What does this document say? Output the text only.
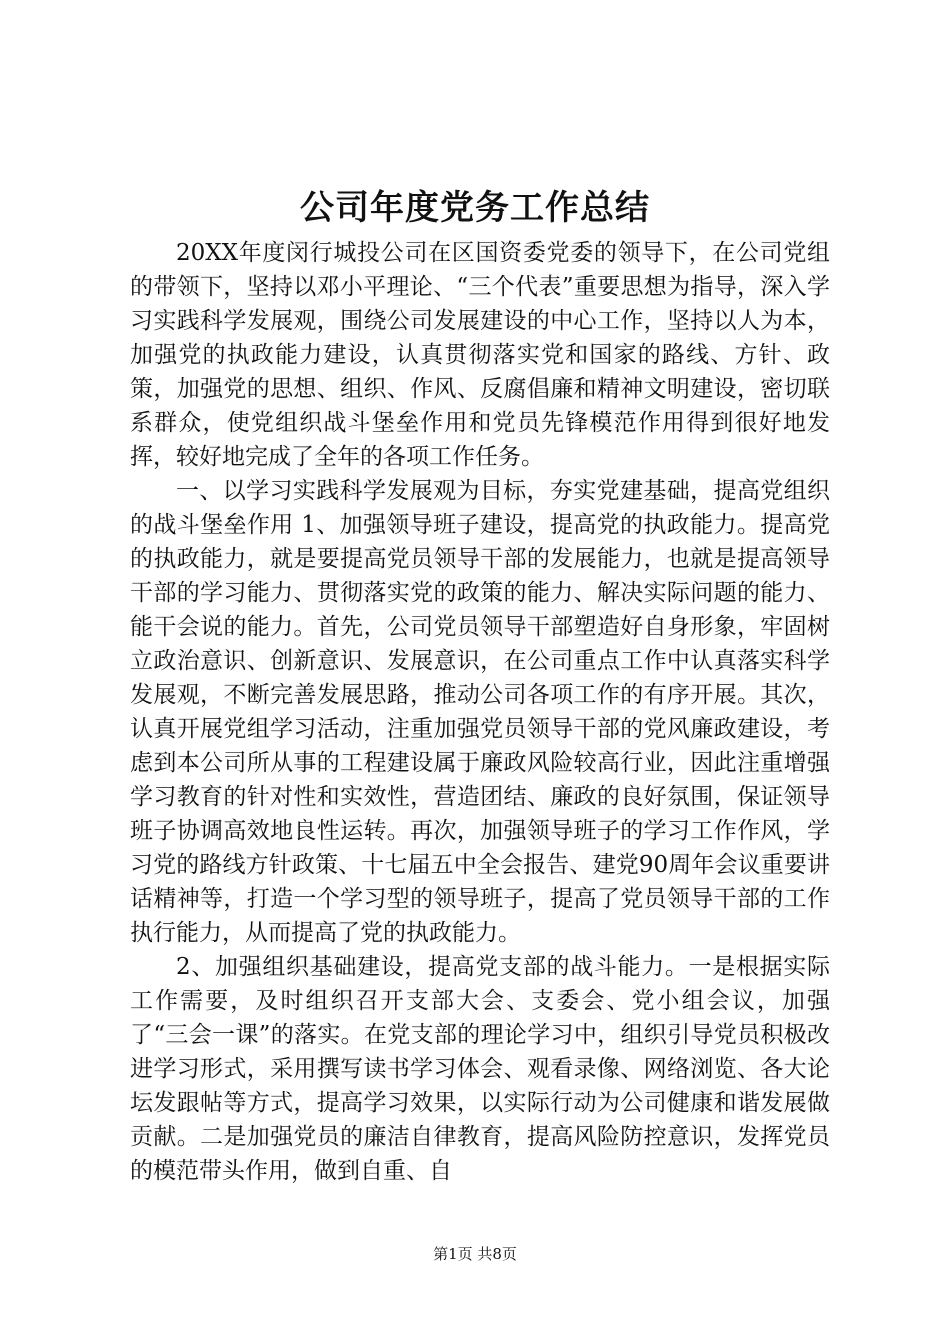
公司年度党务工作总结

20XX年度闵行城投公司在区国资委党委的领导下，在公司党组的带领下，坚持以邓小平理论、“三个代表”重要思想为指导，深入学习实践科学发展观，围绕公司发展建设的中心工作，坚持以人为本，加强党的执政能力建设，认真贯彻落实党和国家的路线、方针、政策，加强党的思想、组织、作风、反腐倡廉和精神文明建设，密切联系群众，使党组织战斗堡垒作用和党员先锋模范作用得到很好地发挥，较好地完成了全年的各项工作任务。

一、以学习实践科学发展观为目标，夯实党建基础，提高党组织的战斗堡垒作用 1、加强领导班子建设，提高党的执政能力。提高党的执政能力，就是要提高党员领导干部的发展能力，也就是提高领导干部的学习能力、贯彻落实党的政策的能力、解决实际问题的能力、能干会说的能力。首先，公司党员领导干部塑造好自身形象，牢固树立政治意识、创新意识、发展意识，在公司重点工作中认真落实科学发展观，不断完善发展思路，推动公司各项工作的有序开展。其次，认真开展党组学习活动，注重加强党员领导干部的党风廉政建设，考虑到本公司所从事的工程建设属于廉政风险较高行业，因此注重增强学习教育的针对性和实效性，营造团结、廉政的良好氛围，保证领导班子协调高效地良性运转。再次，加强领导班子的学习工作作风，学习党的路线方针政策、十七届五中全会报告、建党90周年会议重要讲话精神等，打造一个学习型的领导班子，提高了党员领导干部的工作执行能力，从而提高了党的执政能力。

2、加强组织基础建设，提高党支部的战斗能力。一是根据实际工作需要，及时组织召开支部大会、支委会、党小组会议，加强了“三会一课”的落实。在党支部的理论学习中，组织引导党员积极改进学习形式，采用撰写读书学习体会、观看录像、网络浏览、各大论坛发跟帖等方式，提高学习效果，以实际行动为公司健康和谐发展做贡献。二是加强党员的廉洁自律教育，提高风险防控意识，发挥党员的模范带头作用，做到自重、自

第1页 共8页
